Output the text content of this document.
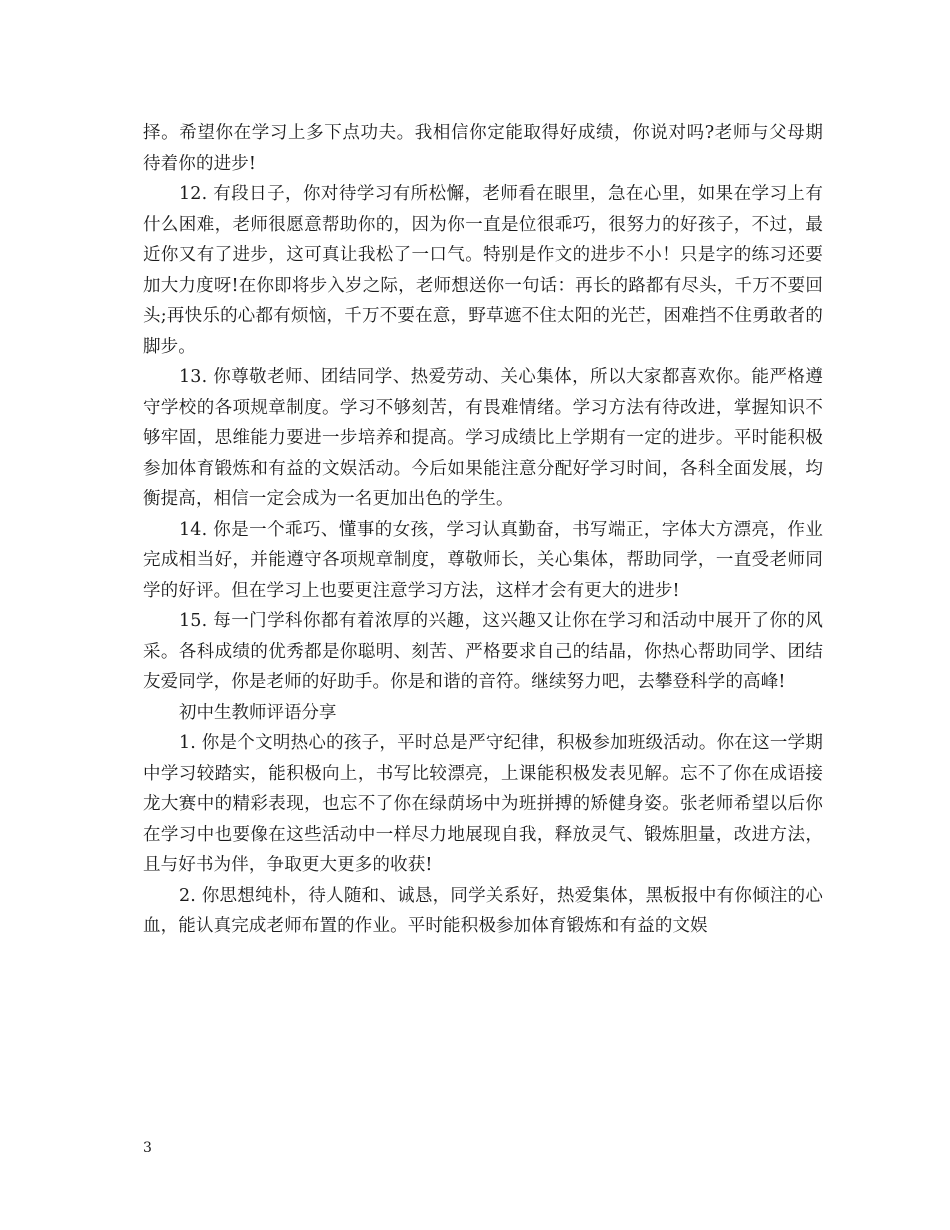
择。希望你在学习上多下点功夫。我相信你定能取得好成绩，你说对吗?老师与父母期待着你的进步!

12. 有段日子，你对待学习有所松懈，老师看在眼里，急在心里，如果在学习上有什么困难，老师很愿意帮助你的，因为你一直是位很乖巧，很努力的好孩子，不过，最近你又有了进步，这可真让我松了一口气。特别是作文的进步不小！只是字的练习还要加大力度呀!在你即将步入岁之际，老师想送你一句话：再长的路都有尽头，千万不要回头;再快乐的心都有烦恼，千万不要在意，野草遮不住太阳的光芒，困难挡不住勇敢者的脚步。

13. 你尊敬老师、团结同学、热爱劳动、关心集体，所以大家都喜欢你。能严格遵守学校的各项规章制度。学习不够刻苦，有畏难情绪。学习方法有待改进，掌握知识不够牢固，思维能力要进一步培养和提高。学习成绩比上学期有一定的进步。平时能积极参加体育锻炼和有益的文娱活动。今后如果能注意分配好学习时间，各科全面发展，均衡提高，相信一定会成为一名更加出色的学生。

14. 你是一个乖巧、懂事的女孩，学习认真勤奋，书写端正，字体大方漂亮，作业完成相当好，并能遵守各项规章制度，尊敬师长，关心集体，帮助同学，一直受老师同学的好评。但在学习上也要更注意学习方法，这样才会有更大的进步!

15. 每一门学科你都有着浓厚的兴趣，这兴趣又让你在学习和活动中展开了你的风采。各科成绩的优秀都是你聪明、刻苦、严格要求自己的结晶，你热心帮助同学、团结友爱同学，你是老师的好助手。你是和谐的音符。继续努力吧，去攀登科学的高峰!

初中生教师评语分享

1. 你是个文明热心的孩子，平时总是严守纪律，积极参加班级活动。你在这一学期中学习较踏实，能积极向上，书写比较漂亮，上课能积极发表见解。忘不了你在成语接龙大赛中的精彩表现，也忘不了你在绿荫场中为班拼搏的矫健身姿。张老师希望以后你在学习中也要像在这些活动中一样尽力地展现自我，释放灵气、锻炼胆量，改进方法，且与好书为伴，争取更大更多的收获!

2. 你思想纯朴，待人随和、诚恳，同学关系好，热爱集体，黑板报中有你倾注的心血，能认真完成老师布置的作业。平时能积极参加体育锻炼和有益的文娱

3
